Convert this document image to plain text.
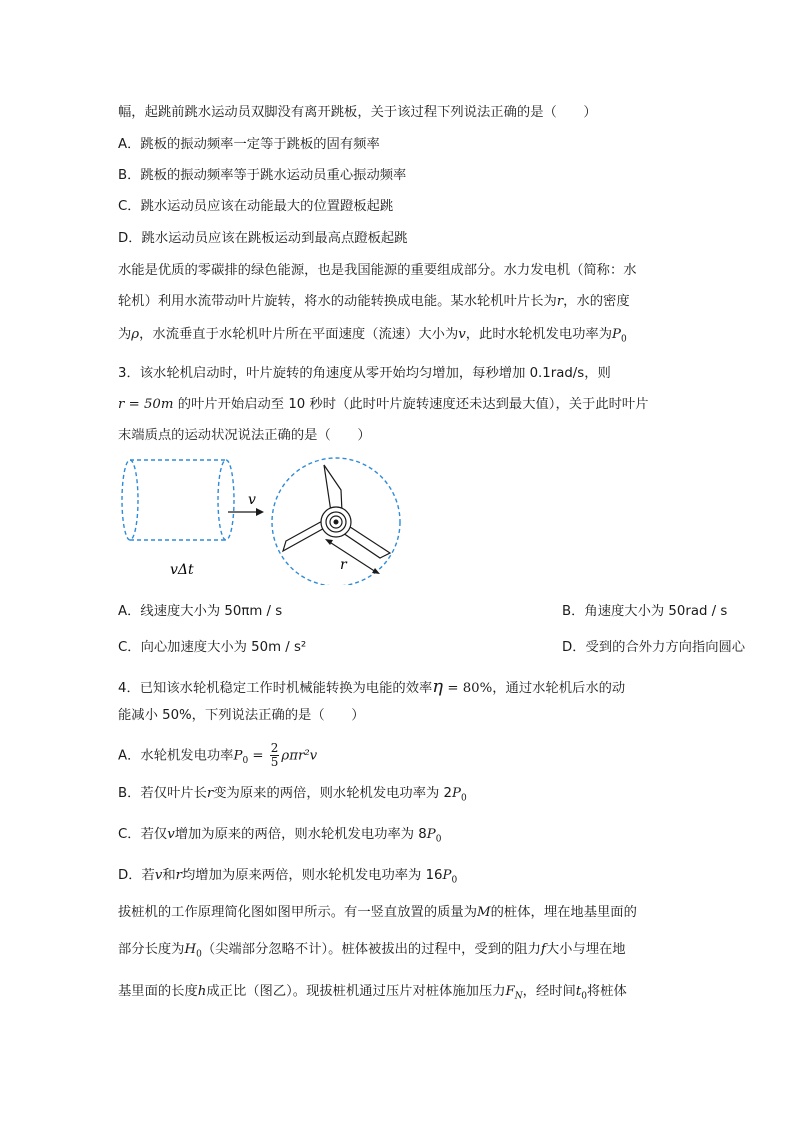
幅，起跳前跳水运动员双脚没有离开跳板，关于该过程下列说法正确的是（　　）
A．跳板的振动频率一定等于跳板的固有频率
B．跳板的振动频率等于跳水运动员重心振动频率
C．跳水运动员应该在动能最大的位置蹬板起跳
D．跳水运动员应该在跳板运动到最高点蹬板起跳
水能是优质的零碳排的绿色能源，也是我国能源的重要组成部分。水力发电机（简称：水
轮机）利用水流带动叶片旋转，将水的动能转换成电能。某水轮机叶片长为r，水的密度
为ρ，水流垂直于水轮机叶片所在平面速度（流速）大小为v，此时水轮机发电功率为$P_0$
3．该水轮机启动时，叶片旋转的角速度从零开始均匀增加，每秒增加 0.1rad/s，则
r = 50m 的叶片开始启动至 10 秒时（此时叶片旋转速度还未达到最大值），关于此时叶片
末端质点的运动状况说法正确的是（　　）
v
vΔt	r
A．线速度大小为 50πm / s	B．角速度大小为 50rad / s
C．向心加速度大小为 50m / s²	D．受到的合外力方向指向圆心
4．已知该水轮机稳定工作时机械能转换为电能的效率η = 80%，通过水轮机后水的动
能减小 50%，下列说法正确的是（　　）
A．水轮机发电功率$P_0 = \frac{2}{5} \rho\pi r^2v$
B．若仅叶片长r变为原来的两倍，则水轮机发电功率为 $2P_0$
C．若仅v增加为原来的两倍，则水轮机发电功率为 $8P_0$
D．若v和r均增加为原来两倍，则水轮机发电功率为 $16P_0$
拔桩机的工作原理简化图如图甲所示。有一竖直放置的质量为M的桩体，埋在地基里面的
部分长度为$H_0$（尖端部分忽略不计）。桩体被拔出的过程中，受到的阻力f大小与埋在地
基里面的长度h成正比（图乙）。现拔桩机通过压片对桩体施加压力$F_N$，经时间$t_0$将桩体
